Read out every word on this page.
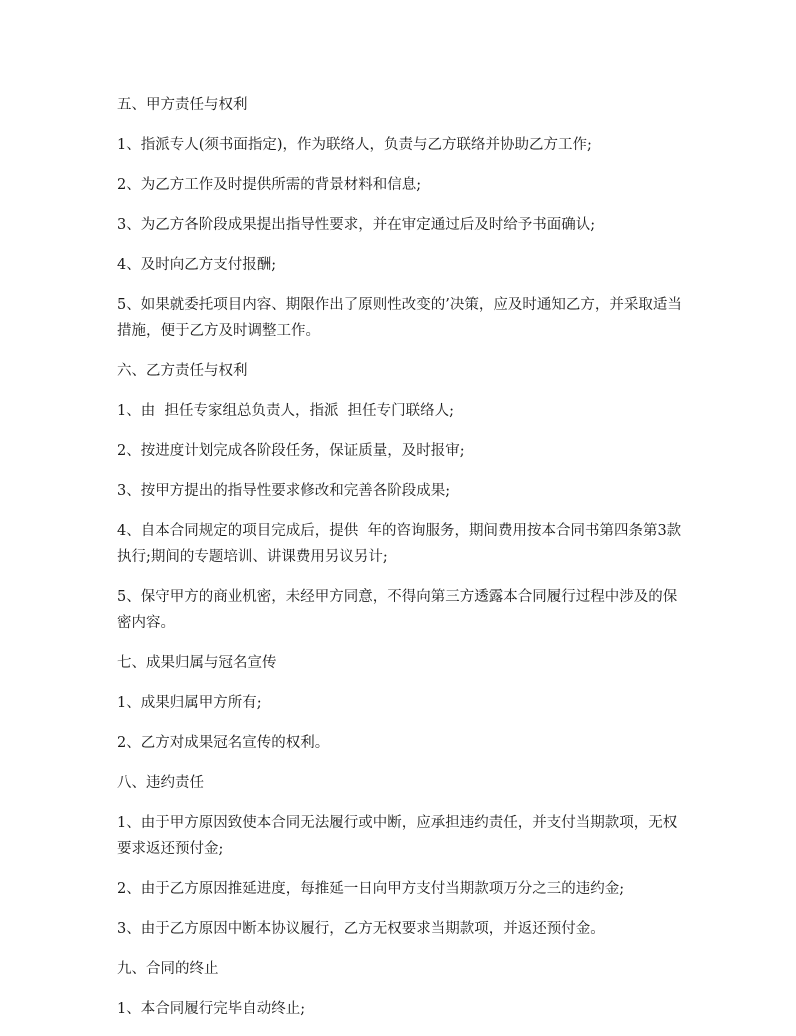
五、甲方责任与权利

1、指派专人(须书面指定)，作为联络人，负责与乙方联络并协助乙方工作;

2、为乙方工作及时提供所需的背景材料和信息;

3、为乙方各阶段成果提出指导性要求，并在审定通过后及时给予书面确认;

4、及时向乙方支付报酬;

5、如果就委托项目内容、期限作出了原则性改变的’决策，应及时通知乙方，并采取适当措施，便于乙方及时调整工作。

六、乙方责任与权利

1、由  担任专家组总负责人，指派  担任专门联络人;

2、按进度计划完成各阶段任务，保证质量，及时报审;

3、按甲方提出的指导性要求修改和完善各阶段成果;

4、自本合同规定的项目完成后，提供  年的咨询服务，期间费用按本合同书第四条第3款执行;期间的专题培训、讲课费用另议另计;

5、保守甲方的商业机密，未经甲方同意，不得向第三方透露本合同履行过程中涉及的保密内容。

七、成果归属与冠名宣传

1、成果归属甲方所有;

2、乙方对成果冠名宣传的权利。

八、违约责任

1、由于甲方原因致使本合同无法履行或中断，应承担违约责任，并支付当期款项，无权要求返还预付金;

2、由于乙方原因推延进度，每推延一日向甲方支付当期款项万分之三的违约金;

3、由于乙方原因中断本协议履行，乙方无权要求当期款项，并返还预付金。

九、合同的终止

1、本合同履行完毕自动终止;
